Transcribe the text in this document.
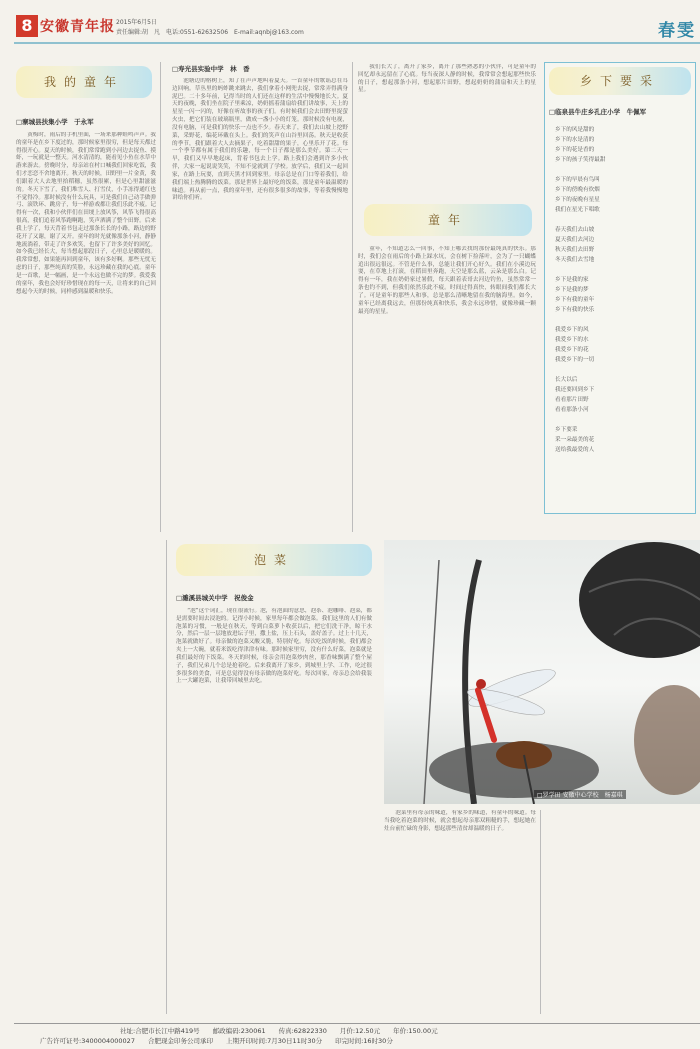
8 安徽青年报 2015年6月5日
责任编辑:胡　凡　电话:0551-62632506　E-mail:aqnbj@163.com	春雯
我的童年
□寨城县扶集小学　于永军
黄梅时，雨后的手机里面，一场来那种蛙鸣声声。我的童年是在乡下度过的，那时候家里很穷，但是每天都过得很开心。夏天的时候，我们常常跑到小河边去捉鱼、摸虾，一玩就是一整天。河水清清的，能看见小鱼在水草中游来游去。傍晚时分，母亲站在村口喊我们回家吃饭，我们才恋恋不舍地离开。秋天的时候，田野里一片金黄，我们跟着大人去地里拾稻穗，虽然很累，但是心里甜滋滋的。冬天下雪了，我们堆雪人、打雪仗，小手冻得通红也不觉得冷。那时候没有什么玩具，可是我们自己动手做弹弓、滚铁环、跳房子，每一样游戏都让我们乐此不疲。记得有一次，我和小伙伴们在田埂上放风筝，风筝飞得很高很高，我们追着风筝跑啊跑，笑声洒满了整个田野。后来我上学了，每天背着书包走过那条长长的小路，路边的野花开了又谢，谢了又开。童年的时光就像那条小河，静静地流淌着，带走了许多欢笑，也留下了许多美好的回忆。如今我已经长大，每当想起那段日子，心里总是暖暖的。我常常想，如果能再回到童年，该有多好啊。那些无忧无虑的日子，那些纯真的笑脸，永远珍藏在我的心底。童年是一首歌，是一幅画，是一个永远也做不完的梦。我爱我的童年，我也会好好珍惜现在的每一天，让将来的自己回想起今天的时候，同样感到温暖和快乐。
□寿光县实验中学　林　香
池塘边的榕树上，知了在声声地叫着夏天。一首童年的歌谣总在耳边回响。草丛里的蚂蚱跳来跳去，我们拿着小网兜去捉，常常弄得满身泥巴。二十多年前，记得当时的人们还在这样的生活中慢慢地长大。夏天的夜晚，我们坐在院子里乘凉，奶奶摇着蒲扇给我们讲故事，天上的星星一闪一闪的，好像在听故事的孩子们。有时候我们会去田野里捉萤火虫，把它们装在玻璃瓶里，做成一盏小小的灯笼。那时候没有电视，没有电脑，可是我们的快乐一点也不少。春天来了，我们去山坡上挖野菜，采野花，编花环戴在头上。我们的笑声在山谷里回荡。秋天是收获的季节，我们跟着大人去摘果子，吃着甜甜的果子，心里乐开了花。每一个季节都有属于我们的乐趣，每一个日子都是那么美好。第二天一早，我们又早早地起床，背着书包去上学。路上我们会遇到许多小伙伴，大家一起说说笑笑，不知不觉就到了学校。放学后，我们又一起回家，在路上玩耍，直到天黑才回到家里。母亲总是在门口等着我们，给我们端上热腾腾的饭菜。那是世界上最好吃的饭菜，那是童年最温暖的味道。再从前一点，我的童年里，还有很多很多的故事，等着我慢慢地讲给你们听。
我们长大了，离开了家乡，离开了那些熟悉的小伙伴，可是童年的回忆却永远留在了心底。每当夜深人静的时候，我常常会想起那些快乐的日子，想起那条小河，想起那片田野，想起奶奶的蒲扇和天上的星星。
童年
童年，不知道怎么一回事，不知上哪去找的那份最纯真的快乐。那时，我们会在雨后的小路上踩水坑，会在树下捡落叶，会为了一只蝴蝶追出很远很远。不管是什么事，总能让我们开心好久。我们在小溪边玩耍，在草地上打滚，在稻田里奔跑，天空是那么蓝，云朵是那么白。记得有一年，我在奶奶家过暑假，每天跟着表哥去河边钓鱼，虽然常常一条也钓不到，但我们依然乐此不疲。时间过得真快，转眼间我们都长大了。可是童年的那些人和事，总是那么清晰地留在我的脑海里。如今，童年已经离我远去，但那份纯真和快乐，我会永远珍惜，就像珍藏一颗最亮的星星。
乡下要采
□临泉县牛庄乡孔庄小学　牛佩军
乡下的风是甜的
乡下的水是清的
乡下的花是香的
乡下的孩子笑得最甜

乡下的早晨有鸟叫
乡下的傍晚有炊烟
乡下的夜晚有星星
我们在星光下唱歌

春天我们去山坡
夏天我们去河边
秋天我们去田野
冬天我们去雪地

乡下是我的家
乡下是我的梦
乡下有我的童年
乡下有我的快乐

我爱乡下的风
我爱乡下的水
我爱乡下的花
我爱乡下的一切

长大以后
我还要回到乡下
看看那片田野
看看那条小河

乡下要采
采一朵最美的花
送给我最爱的人
泡菜
□濉溪县城关中学　祝俊金
“泡”这个词汇，现在很流行。泡，有泡面的意思，泡茶、泡咖啡、泡菜，都是需要时间去浸泡的。记得小时候，家里每年都会做泡菜。我们这里的人们有做泡菜的习惯，一般是在秋天，等到白菜萝卜收获以后，把它们洗干净，晾干水分，然后一层一层地放进坛子里，撒上盐，压上石头，盖好盖子。过上十几天，泡菜就做好了。母亲做的泡菜又酸又脆，特别好吃。每次吃饭的时候，我们都会夹上一大碗，就着米饭吃得津津有味。那时候家里穷，没有什么好菜，泡菜就是我们最好的下饭菜。冬天的时候，母亲会用泡菜炒肉丝，那香味飘满了整个屋子，我们兄弟几个总是抢着吃。后来我离开了家乡，到城里上学、工作，吃过很多很多的美食，可是总觉得没有母亲做的泡菜好吃。每次回家，母亲总会给我装上一大罐泡菜，让我带回城里去吃。
□罗学田 安徽中心学校　杨嘉琪
泡菜里有母亲的味道，有家乡的味道，有童年的味道。每当我吃着泡菜的时候，就会想起母亲那双粗糙的手，想起她在灶台前忙碌的身影，想起那些清贫却温暖的日子。
社址:合肥市长江中路419号　　邮政编码:230061　　传真:62822330　　月价:12.50元　　年价:150.00元
广告许可证号:3400004000027　　合肥现金印务公司承印　　上期开印时间:7月30日11时30分　　印完时间:16时30分
